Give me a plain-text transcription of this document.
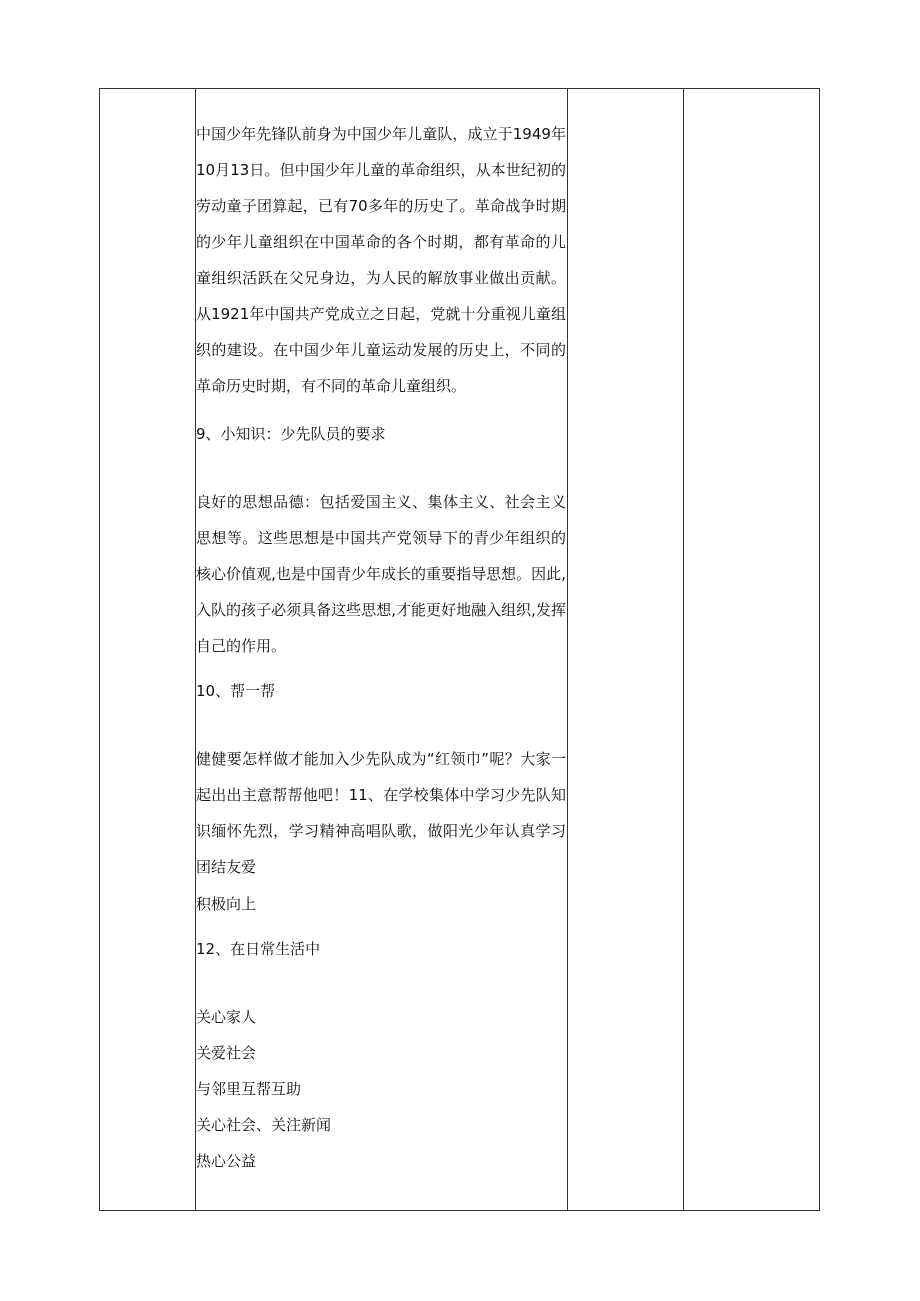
中国少年先锋队前身为中国少年儿童队，成立于1949年10月13日。但中国少年儿童的革命组织，从本世纪初的劳动童子团算起，已有70多年的历史了。革命战争时期的少年儿童组织在中国革命的各个时期，都有革命的儿童组织活跃在父兄身边，为人民的解放事业做出贡献。从1921年中国共产党成立之日起，党就十分重视儿童组织的建设。在中国少年儿童运动发展的历史上，不同的革命历史时期，有不同的革命儿童组织。

9、小知识：少先队员的要求

良好的思想品德：包括爱国主义、集体主义、社会主义思想等。这些思想是中国共产党领导下的青少年组织的核心价值观,也是中国青少年成长的重要指导思想。因此,入队的孩子必须具备这些思想,才能更好地融入组织,发挥自己的作用。

10、帮一帮

健健要怎样做才能加入少先队成为“红领巾”呢？大家一起出出主意帮帮他吧！11、在学校集体中学习少先队知识缅怀先烈，学习精神高唱队歌，做阳光少年认真学习团结友爱

积极向上

12、在日常生活中

关心家人

关爱社会

与邻里互帮互助

关心社会、关注新闻

热心公益
